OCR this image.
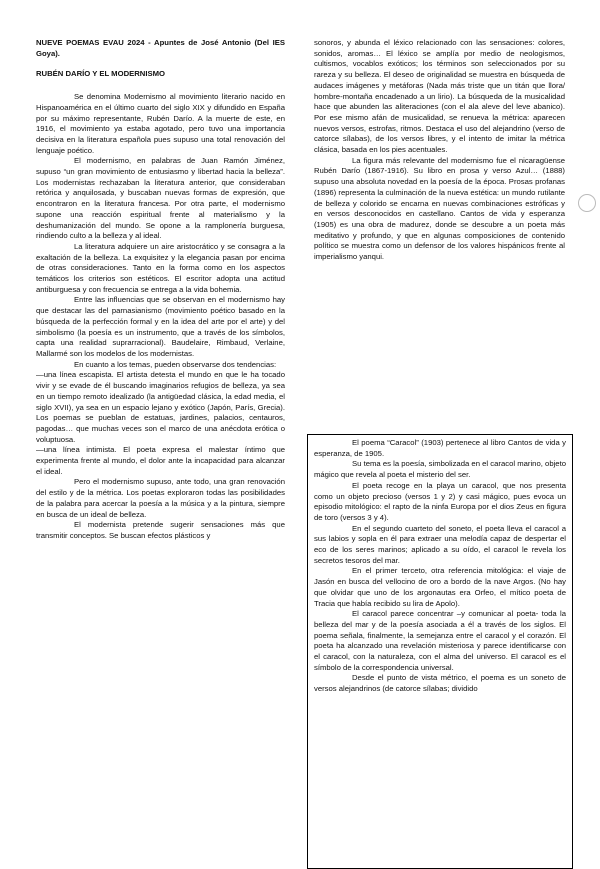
NUEVE POEMAS EVAU 2024 - Apuntes de José Antonio (Del IES Goya).

RUBÉN DARÍO Y EL MODERNISMO

Se denomina Modernismo al movimiento literario nacido en Hispanoamérica en el último cuarto del siglo XIX y difundido en España por su máximo representante, Rubén Darío. A la muerte de este, en 1916, el movimiento ya estaba agotado, pero tuvo una importancia decisiva en la literatura española pues supuso una total renovación del lenguaje poético.

El modernismo, en palabras de Juan Ramón Jiménez, supuso “un gran movimiento de entusiasmo y libertad hacia la belleza”. Los modernistas rechazaban la literatura anterior, que consideraban retórica y anquilosada, y buscaban nuevas formas de expresión, que encontraron en la literatura francesa. Por otra parte, el modernismo supone una reacción espiritual frente al materialismo y la deshumanización del mundo. Se opone a la ramplonería burguesa, rindiendo culto a la belleza y al ideal.

La literatura adquiere un aire aristocrático y se consagra a la exaltación de la belleza. La exquisitez y la elegancia pasan por encima de otras consideraciones. Tanto en la forma como en los aspectos temáticos los criterios son estéticos. El escritor adopta una actitud antiburguesa y con frecuencia se entrega a la vida bohemia.

Entre las influencias que se observan en el modernismo hay que destacar las del parnasianismo (movimiento poético basado en la búsqueda de la perfección formal y en la idea del arte por el arte) y del simbolismo (la poesía es un instrumento, que a través de los símbolos, capta una realidad suprarracional). Baudelaire, Rimbaud, Verlaine, Mallarmé son los modelos de los modernistas.

En cuanto a los temas, pueden observarse dos tendencias:

—una línea escapista. El artista detesta el mundo en que le ha tocado vivir y se evade de él buscando imaginarios refugios de belleza, ya sea en un tiempo remoto idealizado (la antigüedad clásica, la edad media, el siglo XVII), ya sea en un espacio lejano y exótico (Japón, París, Grecia). Los poemas se pueblan de estatuas, jardines, palacios, centauros, pagodas… que muchas veces son el marco de una anécdota erótica o voluptuosa.

—una línea intimista. El poeta expresa el malestar íntimo que experimenta frente al mundo, el dolor ante la incapacidad para alcanzar el ideal.

Pero el modernismo supuso, ante todo, una gran renovación del estilo y de la métrica. Los poetas exploraron todas las posibilidades de la palabra para acercar la poesía a la música y a la pintura, siempre en busca de un ideal de belleza.

El modernista pretende sugerir sensaciones más que transmitir conceptos. Se buscan efectos plásticos y

sonoros, y abunda el léxico relacionado con las sensaciones: colores, sonidos, aromas… El léxico se amplía por medio de neologismos, cultismos, vocablos exóticos; los términos son seleccionados por su rareza y su belleza. El deseo de originalidad se muestra en búsqueda de audaces imágenes y metáforas (Nada más triste que un titán que llora/ hombre-montaña encadenado a un lirio). La búsqueda de la musicalidad hace que abunden las aliteraciones (con el ala aleve del leve abanico). Por ese mismo afán de musicalidad, se renueva la métrica: aparecen nuevos versos, estrofas, ritmos. Destaca el uso del alejandrino (verso de catorce sílabas), de los versos libres, y el intento de imitar la métrica clásica, basada en los pies acentuales.

La figura más relevante del modernismo fue el nicaragüense Rubén Darío (1867-1916). Su libro en prosa y verso Azul… (1888) supuso una absoluta novedad en la poesía de la época. Prosas profanas (1896) representa la culminación de la nueva estética: un mundo rutilante de belleza y colorido se encarna en nuevas combinaciones estróficas y en versos desconocidos en castellano. Cantos de vida y esperanza (1905) es una obra de madurez, donde se descubre a un poeta más meditativo y profundo, y que en algunas composiciones de contenido político se muestra como un defensor de los valores hispánicos frente al imperialismo yanqui.

El poema “Caracol” (1903) pertenece al libro Cantos de vida y esperanza, de 1905.

Su tema es la poesía, simbolizada en el caracol marino, objeto mágico que revela al poeta el misterio del ser.

El poeta recoge en la playa un caracol, que nos presenta como un objeto precioso (versos 1 y 2) y casi mágico, pues evoca un episodio mitológico: el rapto de la ninfa Europa por el dios Zeus en figura de toro (versos 3 y 4).

En el segundo cuarteto del soneto, el poeta lleva el caracol a sus labios y sopla en él para extraer una melodía capaz de despertar el eco de los seres marinos; aplicado a su oído, el caracol le revela los secretos tesoros del mar.

En el primer terceto, otra referencia mitológica: el viaje de Jasón en busca del vellocino de oro a bordo de la nave Argos. (No hay que olvidar que uno de los argonautas era Orfeo, el mítico poeta de Tracia que había recibido su lira de Apolo).

El caracol parece concentrar –y comunicar al poeta- toda la belleza del mar y de la poesía asociada a él a través de los siglos. El poema señala, finalmente, la semejanza entre el caracol y el corazón. El poeta ha alcanzado una revelación misteriosa y parece identificarse con el caracol, con la naturaleza, con el alma del universo. El caracol es el símbolo de la correspondencia universal.

Desde el punto de vista métrico, el poema es un soneto de versos alejandrinos (de catorce sílabas; dividido
